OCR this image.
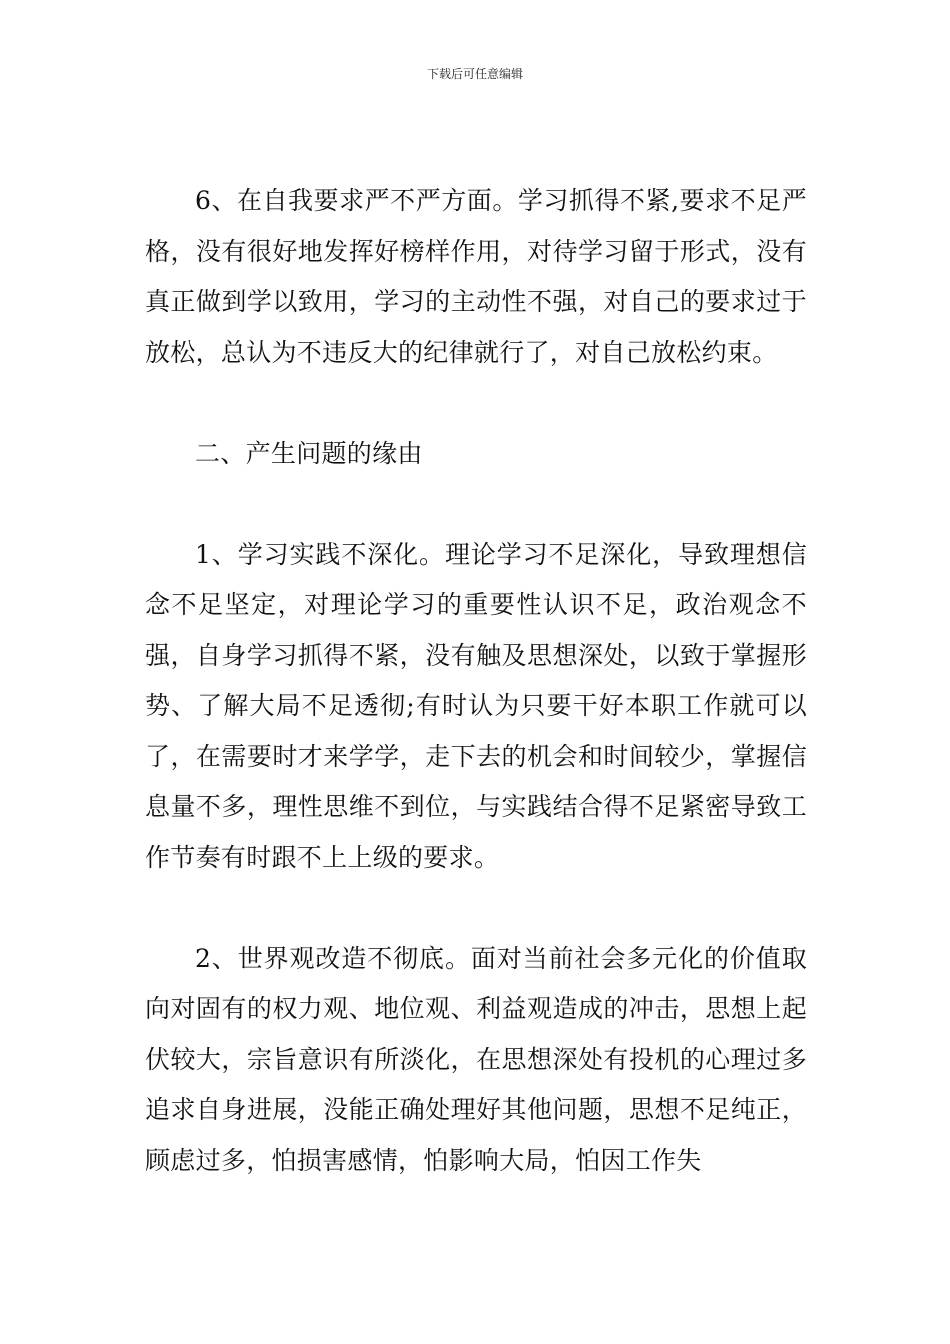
下载后可任意编辑

6、在自我要求严不严方面。学习抓得不紧,要求不足严格，没有很好地发挥好榜样作用，对待学习留于形式，没有真正做到学以致用，学习的主动性不强，对自己的要求过于放松，总认为不违反大的纪律就行了，对自己放松约束。

二、产生问题的缘由

1、学习实践不深化。理论学习不足深化，导致理想信念不足坚定，对理论学习的重要性认识不足，政治观念不强，自身学习抓得不紧，没有触及思想深处，以致于掌握形势、了解大局不足透彻;有时认为只要干好本职工作就可以了，在需要时才来学学，走下去的机会和时间较少，掌握信息量不多，理性思维不到位，与实践结合得不足紧密导致工作节奏有时跟不上上级的要求。

2、世界观改造不彻底。面对当前社会多元化的价值取向对固有的权力观、地位观、利益观造成的冲击，思想上起伏较大，宗旨意识有所淡化，在思想深处有投机的心理过多追求自身进展，没能正确处理好其他问题，思想不足纯正，顾虑过多，怕损害感情，怕影响大局，怕因工作失
